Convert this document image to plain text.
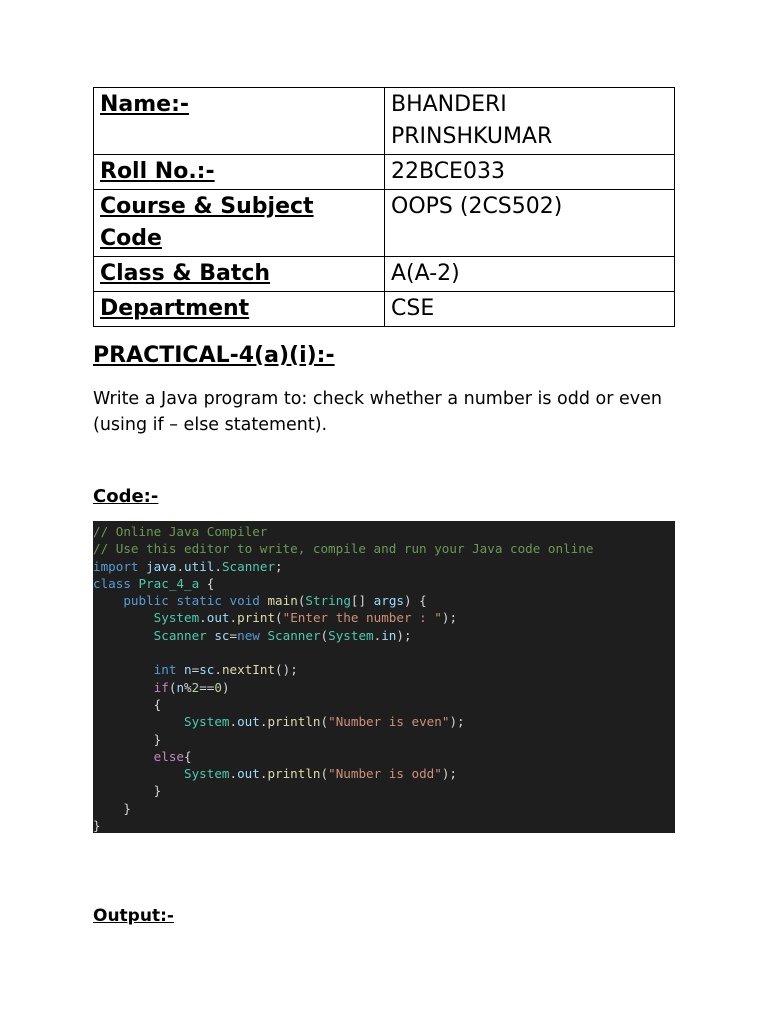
Name:-	BHANDERI PRINSHKUMAR
Roll No.:-	22BCE033
Course & Subject Code	OOPS (2CS502)
Class & Batch	A(A-2)
Department	CSE
PRACTICAL-4(a)(i):-

Write a Java program to: check whether a number is odd or even (using if – else statement).

Code:-
// Online Java Compiler
// Use this editor to write, compile and run your Java code online
import java.util.Scanner;
class Prac_4_a {
public static void main(String[] args) {
System.out.print("Enter the number : ");
Scanner sc=new Scanner(System.in);
int n=sc.nextInt();
if(n%2==0)
{
System.out.println("Number is even");
}
else{
System.out.println("Number is odd");
}
}
}
Output:-
